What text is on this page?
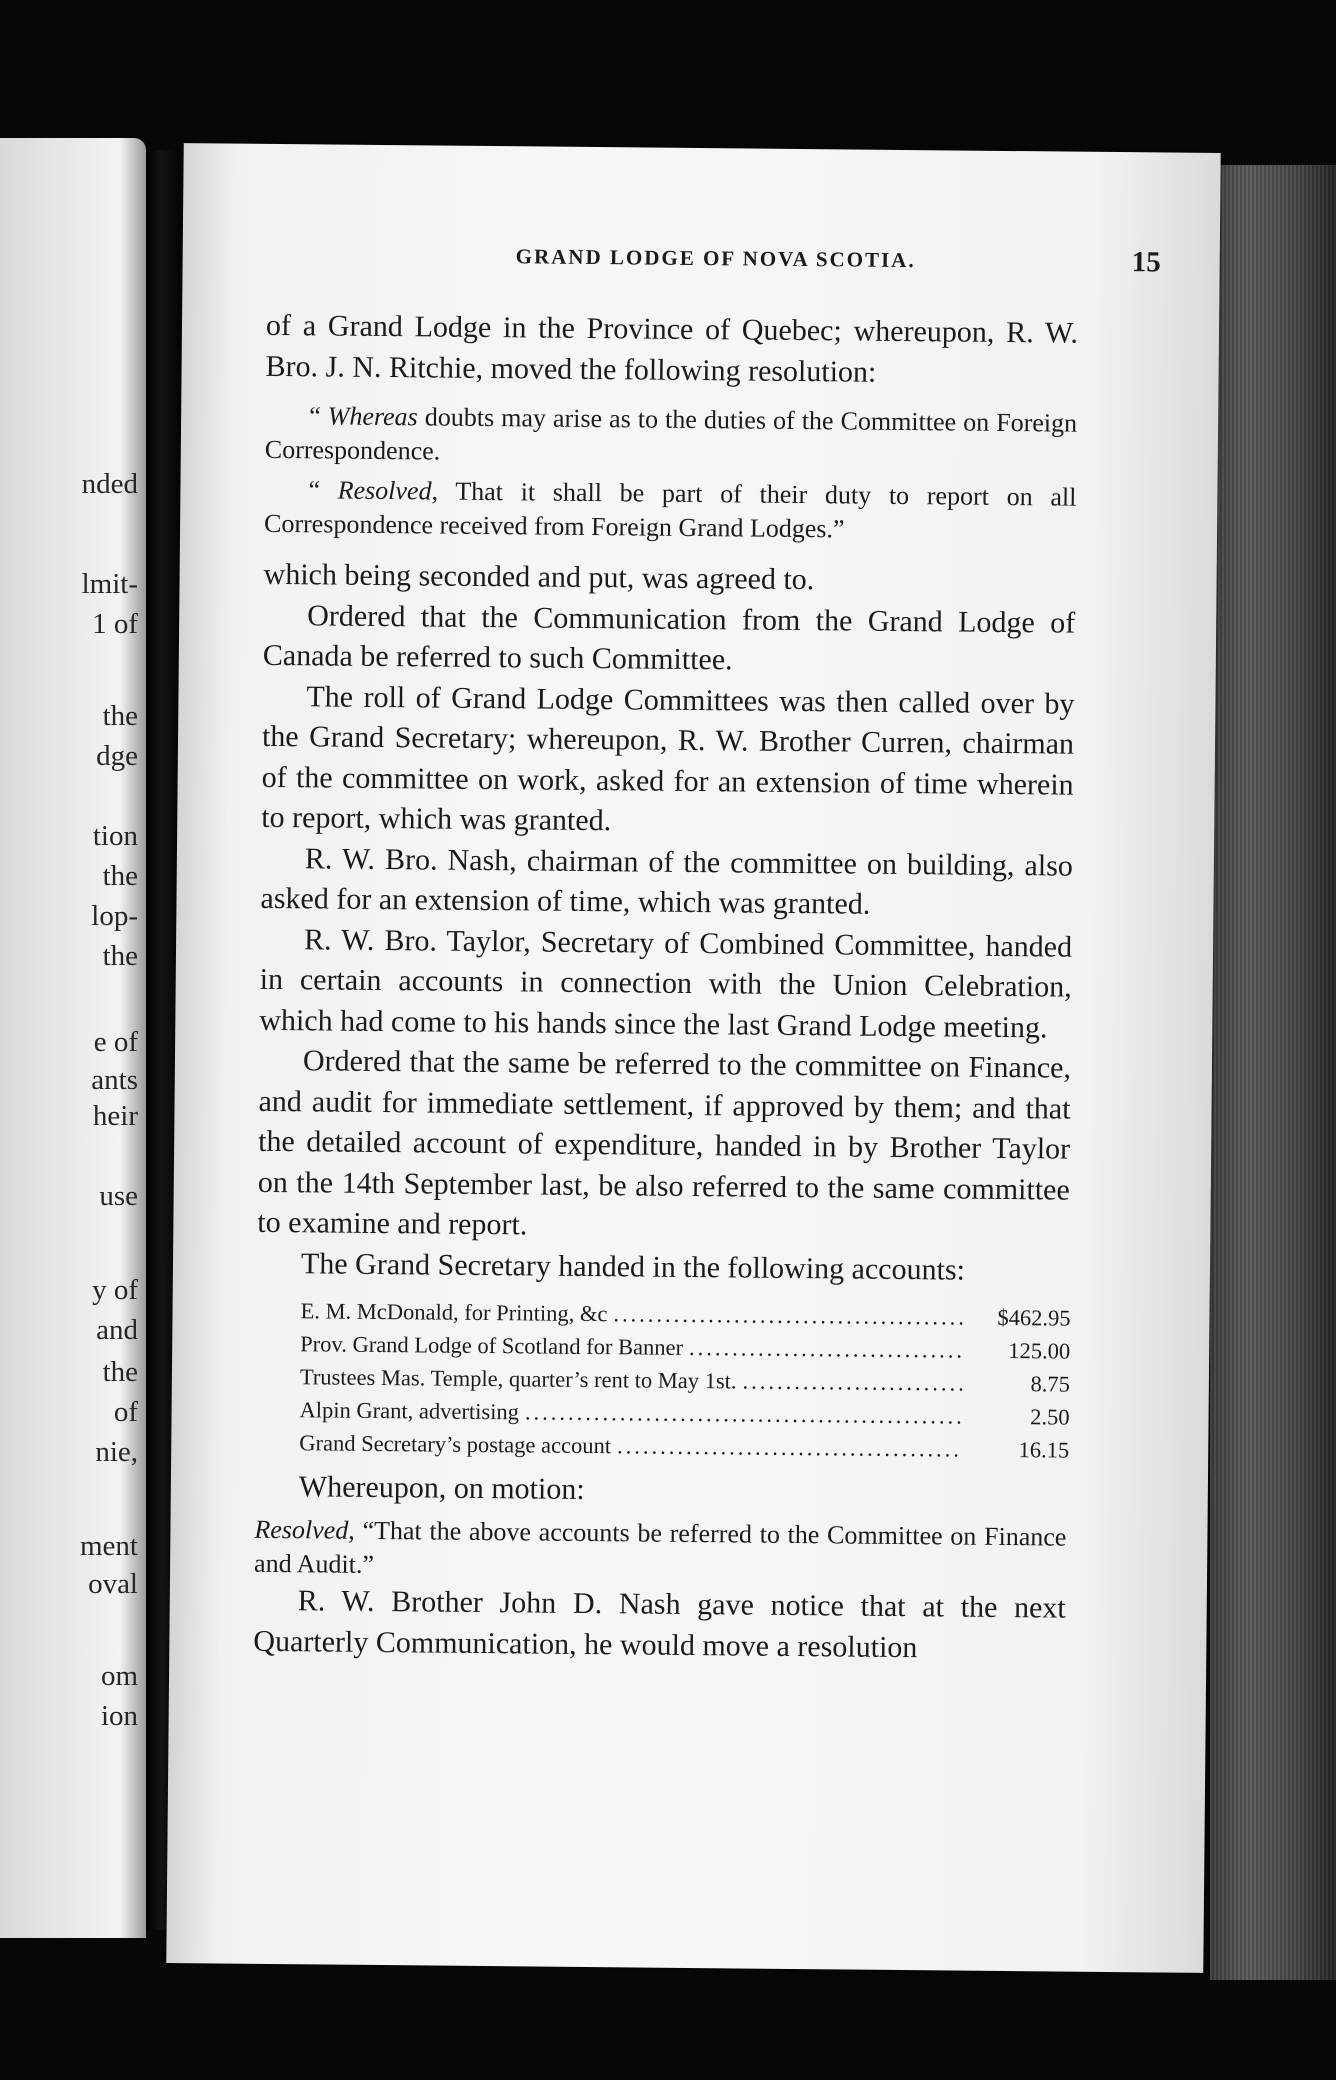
nded
lmit-
1 of
the
dge
tion
the
lop-
the
e of
ants
heir
use
y of
and
the
of
nie,
ment
oval
om
ion
GRAND LODGE OF NOVA SCOTIA.	15

of a Grand Lodge in the Province of Quebec; whereupon, R. W. Bro. J. N. Ritchie, moved the following resolution:

“ Whereas doubts may arise as to the duties of the Committee on Foreign Correspondence.

“ Resolved, That it shall be part of their duty to report on all Correspondence received from Foreign Grand Lodges.”

which being seconded and put, was agreed to.

Ordered that the Communication from the Grand Lodge of Canada be referred to such Committee.

The roll of Grand Lodge Committees was then called over by the Grand Secretary; whereupon, R. W. Brother Curren, chairman of the committee on work, asked for an extension of time wherein to report, which was granted.

R. W. Bro. Nash, chairman of the committee on building, also asked for an extension of time, which was granted.

R. W. Bro. Taylor, Secretary of Combined Committee, handed in certain accounts in connection with the Union Celebration, which had come to his hands since the last Grand Lodge meeting.

Ordered that the same be referred to the committee on Finance, and audit for immediate settlement, if approved by them; and that the detailed account of expenditure, handed in by Brother Taylor on the 14th September last, be also referred to the same committee to examine and report.

The Grand Secretary handed in the following accounts:

E. M. McDonald, for Printing, &c .....	$462.95
Prov. Grand Lodge of Scotland for Banner .....	125.00
Trustees Mas. Temple, quarter’s rent to May 1st. .....	8.75
Alpin Grant, advertising .....	2.50
Grand Secretary’s postage account .....	16.15

Whereupon, on motion:

Resolved, “That the above accounts be referred to the Committee on Finance and Audit.”

R. W. Brother John D. Nash gave notice that at the next Quarterly Communication, he would move a resolution
